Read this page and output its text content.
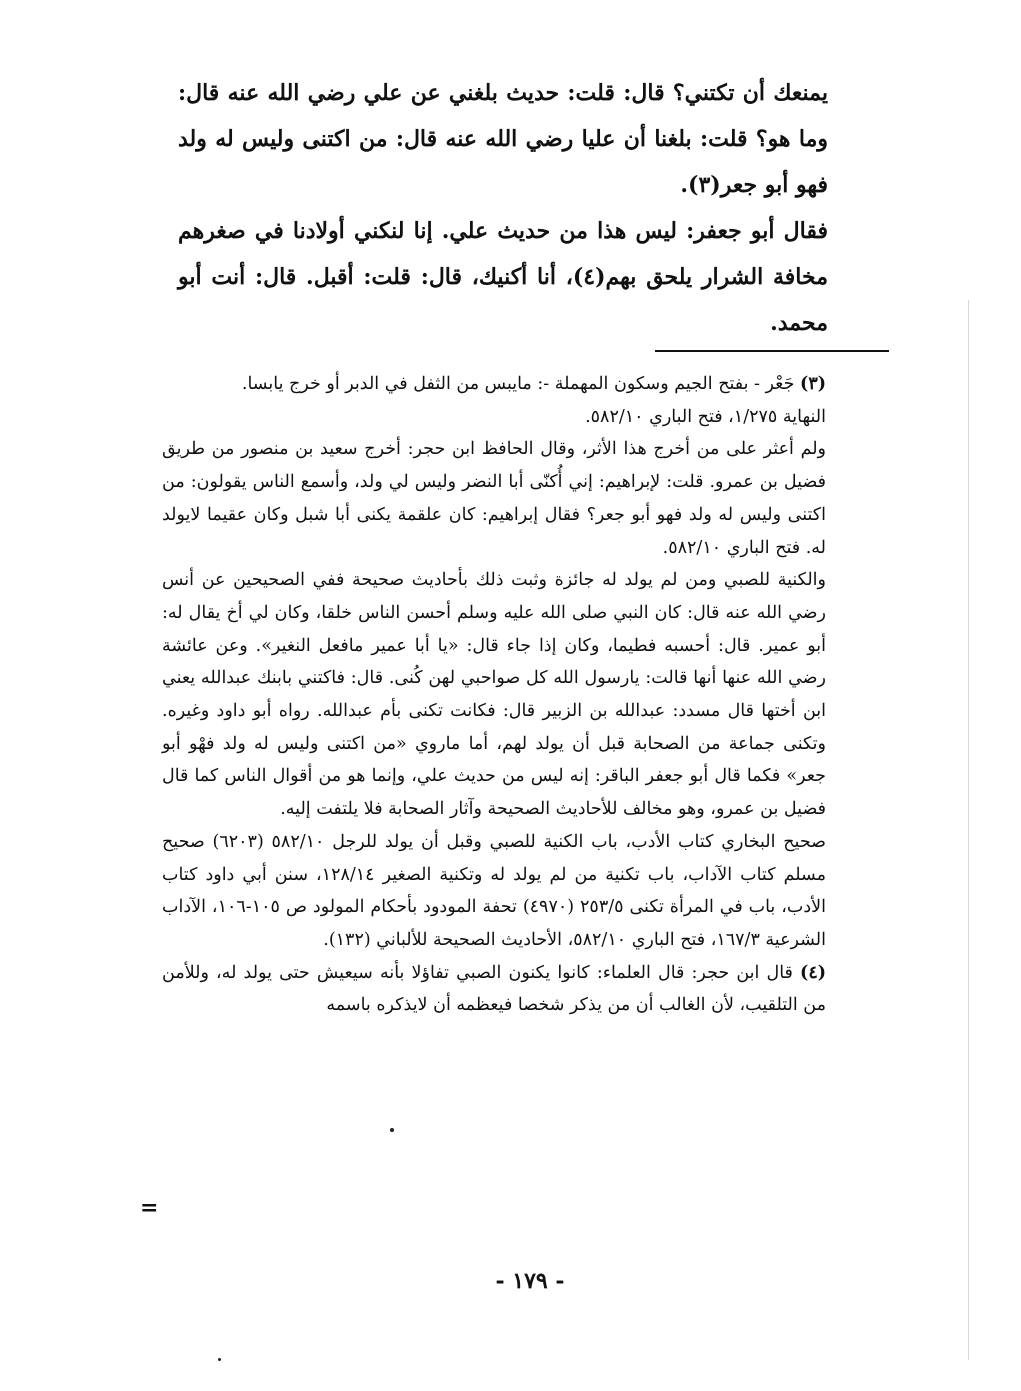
يمنعك أن تكتني؟ قال: قلت: حديث بلغني عن علي رضي الله عنه قال: وما هو؟ قلت: بلغنا أن عليا رضي الله عنه قال: من اكتنى وليس له ولد فهو أبو جعر(٣).

فقال أبو جعفر: ليس هذا من حديث علي. إنا لنكني أولادنا في صغرهم مخافة الشرار يلحق بهم(٤)، أنا أكنيك، قال: قلت: أقبل. قال: أنت أبو محمد.

(٣) جَعْر - بفتح الجيم وسكون المهملة -: مايبس من الثفل في الدبر أو خرج يابسا.

النهاية ١/٢٧٥، فتح الباري ٥٨٢/١٠.

ولم أعثر على من أخرج هذا الأثر، وقال الحافظ ابن حجر: أخرج سعيد بن منصور من طريق فضيل بن عمرو. قلت: لإبراهيم: إني أُكنّى أبا النضر وليس لي ولد، وأسمع الناس يقولون: من اكتنى وليس له ولد فهو أبو جعر؟ فقال إبراهيم: كان علقمة يكنى أبا شبل وكان عقيما لايولد له. فتح الباري ٥٨٢/١٠.

والكنية للصبي ومن لم يولد له جائزة وثبت ذلك بأحاديث صحيحة ففي الصحيحين عن أنس رضي الله عنه قال: كان النبي صلى الله عليه وسلم أحسن الناس خلقا، وكان لي أخ يقال له: أبو عمير. قال: أحسبه فطيما، وكان إذا جاء قال: «يا أبا عمير مافعل النغير». وعن عائشة رضي الله عنها أنها قالت: يارسول الله كل صواحبي لهن كُنى. قال: فاكتني بابنك عبدالله يعني ابن أختها قال مسدد: عبدالله بن الزبير قال: فكانت تكنى بأم عبدالله. رواه أبو داود وغيره. وتكنى جماعة من الصحابة قبل أن يولد لهم، أما ماروي «من اكتنى وليس له ولد فهْو أبو جعر» فكما قال أبو جعفر الباقر: إنه ليس من حديث علي، وإنما هو من أقوال الناس كما قال فضيل بن عمرو، وهو مخالف للأحاديث الصحيحة وآثار الصحابة فلا يلتفت إليه.

صحيح البخاري كتاب الأدب، باب الكنية للصبي وقبل أن يولد للرجل ٥٨٢/١٠ (٦٢٠٣) صحيح مسلم كتاب الآداب، باب تكنية من لم يولد له وتكنية الصغير ١٢٨/١٤، سنن أبي داود كتاب الأدب، باب في المرأة تكنى ٢٥٣/٥ (٤٩٧٠) تحفة المودود بأحكام المولود ص ١٠٥-١٠٦، الآداب الشرعية ١٦٧/٣، فتح الباري ٥٨٢/١٠، الأحاديث الصحيحة للألباني (١٣٢).

(٤) قال ابن حجر: قال العلماء: كانوا يكنون الصبي تفاؤلا بأنه سيعيش حتى يولد له، وللأمن من التلقيب، لأن الغالب أن من يذكر شخصا فيعظمه أن لايذكره باسمه

=
- ١٧٩ -
